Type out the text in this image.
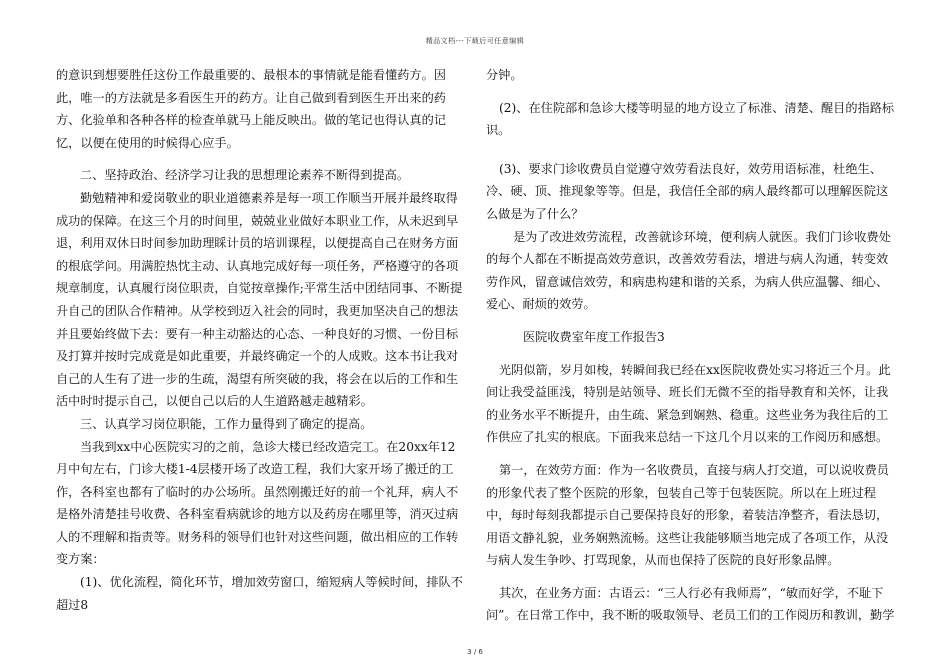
精品文档---下载后可任意编辑

的意识到想要胜任这份工作最重要的、最根本的事情就是能看懂药方。因此，唯一的方法就是多看医生开的药方。让自己做到看到医生开出来的药方、化验单和各种各样的检查单就马上能反映出。做的笔记也得认真的记忆，以便在使用的时候得心应手。

二、坚持政治、经济学习让我的思想理论素养不断得到提高。

勤勉精神和爱岗敬业的职业道德素养是每一项工作顺当开展并最终取得成功的保障。在这三个月的时间里，兢兢业业做好本职业工作，从未迟到早退，利用双休日时间参加助理睬计员的培训课程，以便提高自己在财务方面的根底学问。用满腔热忱主动、认真地完成好每一项任务，严格遵守的各项规章制度，认真履行岗位职责，自觉按章操作;平常生活中团结同事、不断提升自己的团队合作精神。从学校到迈入社会的同时，我更加坚决自己的想法并且要始终做下去：要有一种主动豁达的心态、一种良好的习惯、一份目标及打算并按时完成竟是如此重要，并最终确定一个的人成败。这本书让我对自己的人生有了进一步的生疏，渴望有所突破的我，将会在以后的工作和生活中时时提示自己，以便自己以后的人生道路越走越精彩。

三、认真学习岗位职能，工作力量得到了确定的提高。

当我到xx中心医院实习的之前，急诊大楼已经改造完工。在20xx年12月中旬左右，门诊大楼1-4层楼开场了改造工程，我们大家开场了搬迁的工作，各科室也都有了临时的办公场所。虽然刚搬迁好的前一个礼拜，病人不是格外清楚挂号收费、各科室看病就诊的地方以及药房在哪里等，消灭过病人的不理解和指责等。财务科的领导们也针对这些问题，做出相应的工作转变方案：

(1)、优化流程，简化环节，增加效劳窗口，缩短病人等候时间，排队不超过8

分钟。

(2)、在住院部和急诊大楼等明显的地方设立了标准、清楚、醒目的指路标识。

(3)、要求门诊收费员自觉遵守效劳看法良好，效劳用语标准，杜绝生、冷、硬、顶、推现象等等。但是，我信任全部的病人最终都可以理解医院这么做是为了什么？

是为了改进效劳流程，改善就诊环境，便利病人就医。我们门诊收费处的每个人都在不断提高效劳意识，改善效劳看法，增进与病人沟通，转变效劳作风，留意诚信效劳，和病患构建和谐的关系，为病人供应温馨、细心、爱心、耐烦的效劳。

医院收费室年度工作报告3

光阴似箭，岁月如梭，转瞬间我已经在xx医院收费处实习将近三个月。此间让我受益匪浅，特别是站领导、班长们无微不至的指导教育和关怀，让我的业务水平不断提升，由生疏、紧急到娴熟、稳重。这些业务为我往后的工作供应了扎实的根底。下面我来总结一下这几个月以来的工作阅历和感想。

第一，在效劳方面：作为一名收费员，直接与病人打交道，可以说收费员的形象代表了整个医院的形象，包装自己等于包装医院。所以在上班过程中，每时每刻我都提示自己要保持良好的形象，着装洁净整齐，看法恳切，用语文静礼貌，业务娴熟流畅。这些让我能够顺当地完成了各项工作，从没与病人发生争吵、打骂现象，从而也保持了医院的良好形象品牌。

其次，在业务方面：古语云：“三人行必有我师焉”，“敏而好学，不耻下问”。在日常工作中，我不断的吸取领导、老员工们的工作阅历和教训，勤学

3 / 6
